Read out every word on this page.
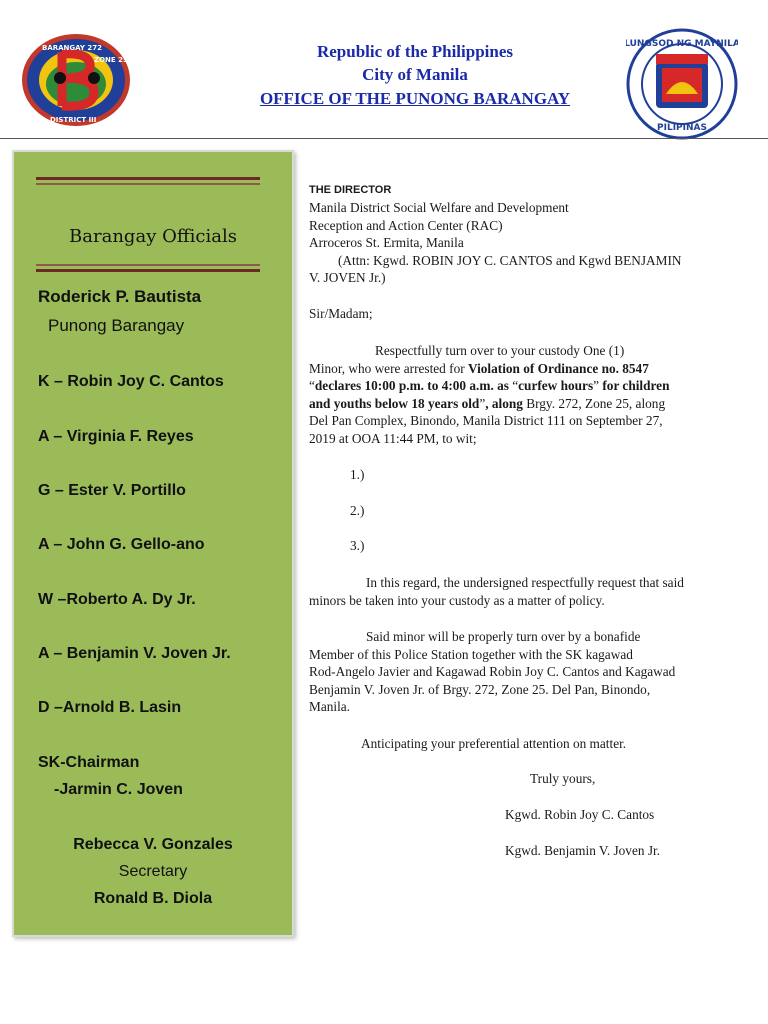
BARANGAY 272
ZONE 25
DISTRICT III
Republic of the Philippines
City of Manila
OFFICE OF THE PUNONG BARANGAY
LUNGSOD NG MAYNILA
PILIPINAS
Barangay Officials
Roderick P. Bautista
Punong Barangay
K – Robin Joy C. Cantos
A – Virginia F. Reyes
G – Ester V. Portillo
A – John G. Gello-ano
W –Roberto A. Dy Jr.
A – Benjamin V. Joven Jr.
D –Arnold B. Lasin
SK-Chairman
-Jarmin C. Joven
Rebecca V. Gonzales
Secretary
Ronald B. Diola
THE DIRECTOR
Manila District Social Welfare and Development
Reception and Action Center (RAC)
Arroceros St. Ermita, Manila
(Attn: Kgwd. ROBIN JOY C. CANTOS and Kgwd BENJAMIN
V. JOVEN Jr.)
Sir/Madam;
Respectfully turn over to your custody One (1)
Minor, who were arrested for Violation of Ordinance no. 8547
“declares 10:00 p.m. to 4:00 a.m. as “curfew hours” for children
and youths below 18 years old”, along Brgy. 272, Zone 25, along
Del Pan Complex, Binondo, Manila District 111 on September 27,
2019 at OOA 11:44 PM, to wit;
1.)
2.)
3.)
In this regard, the undersigned respectfully request that said
minors be taken into your custody as a matter of policy.
Said minor will be properly turn over by a bonafide
Member of this Police Station together with the SK kagawad
Rod-Angelo Javier and Kagawad Robin Joy C. Cantos and Kagawad
Benjamin V. Joven Jr. of Brgy. 272, Zone 25. Del Pan, Binondo,
Manila.
Anticipating your preferential attention on matter.
Truly yours,
Kgwd. Robin Joy C. Cantos
Kgwd. Benjamin V. Joven Jr.
